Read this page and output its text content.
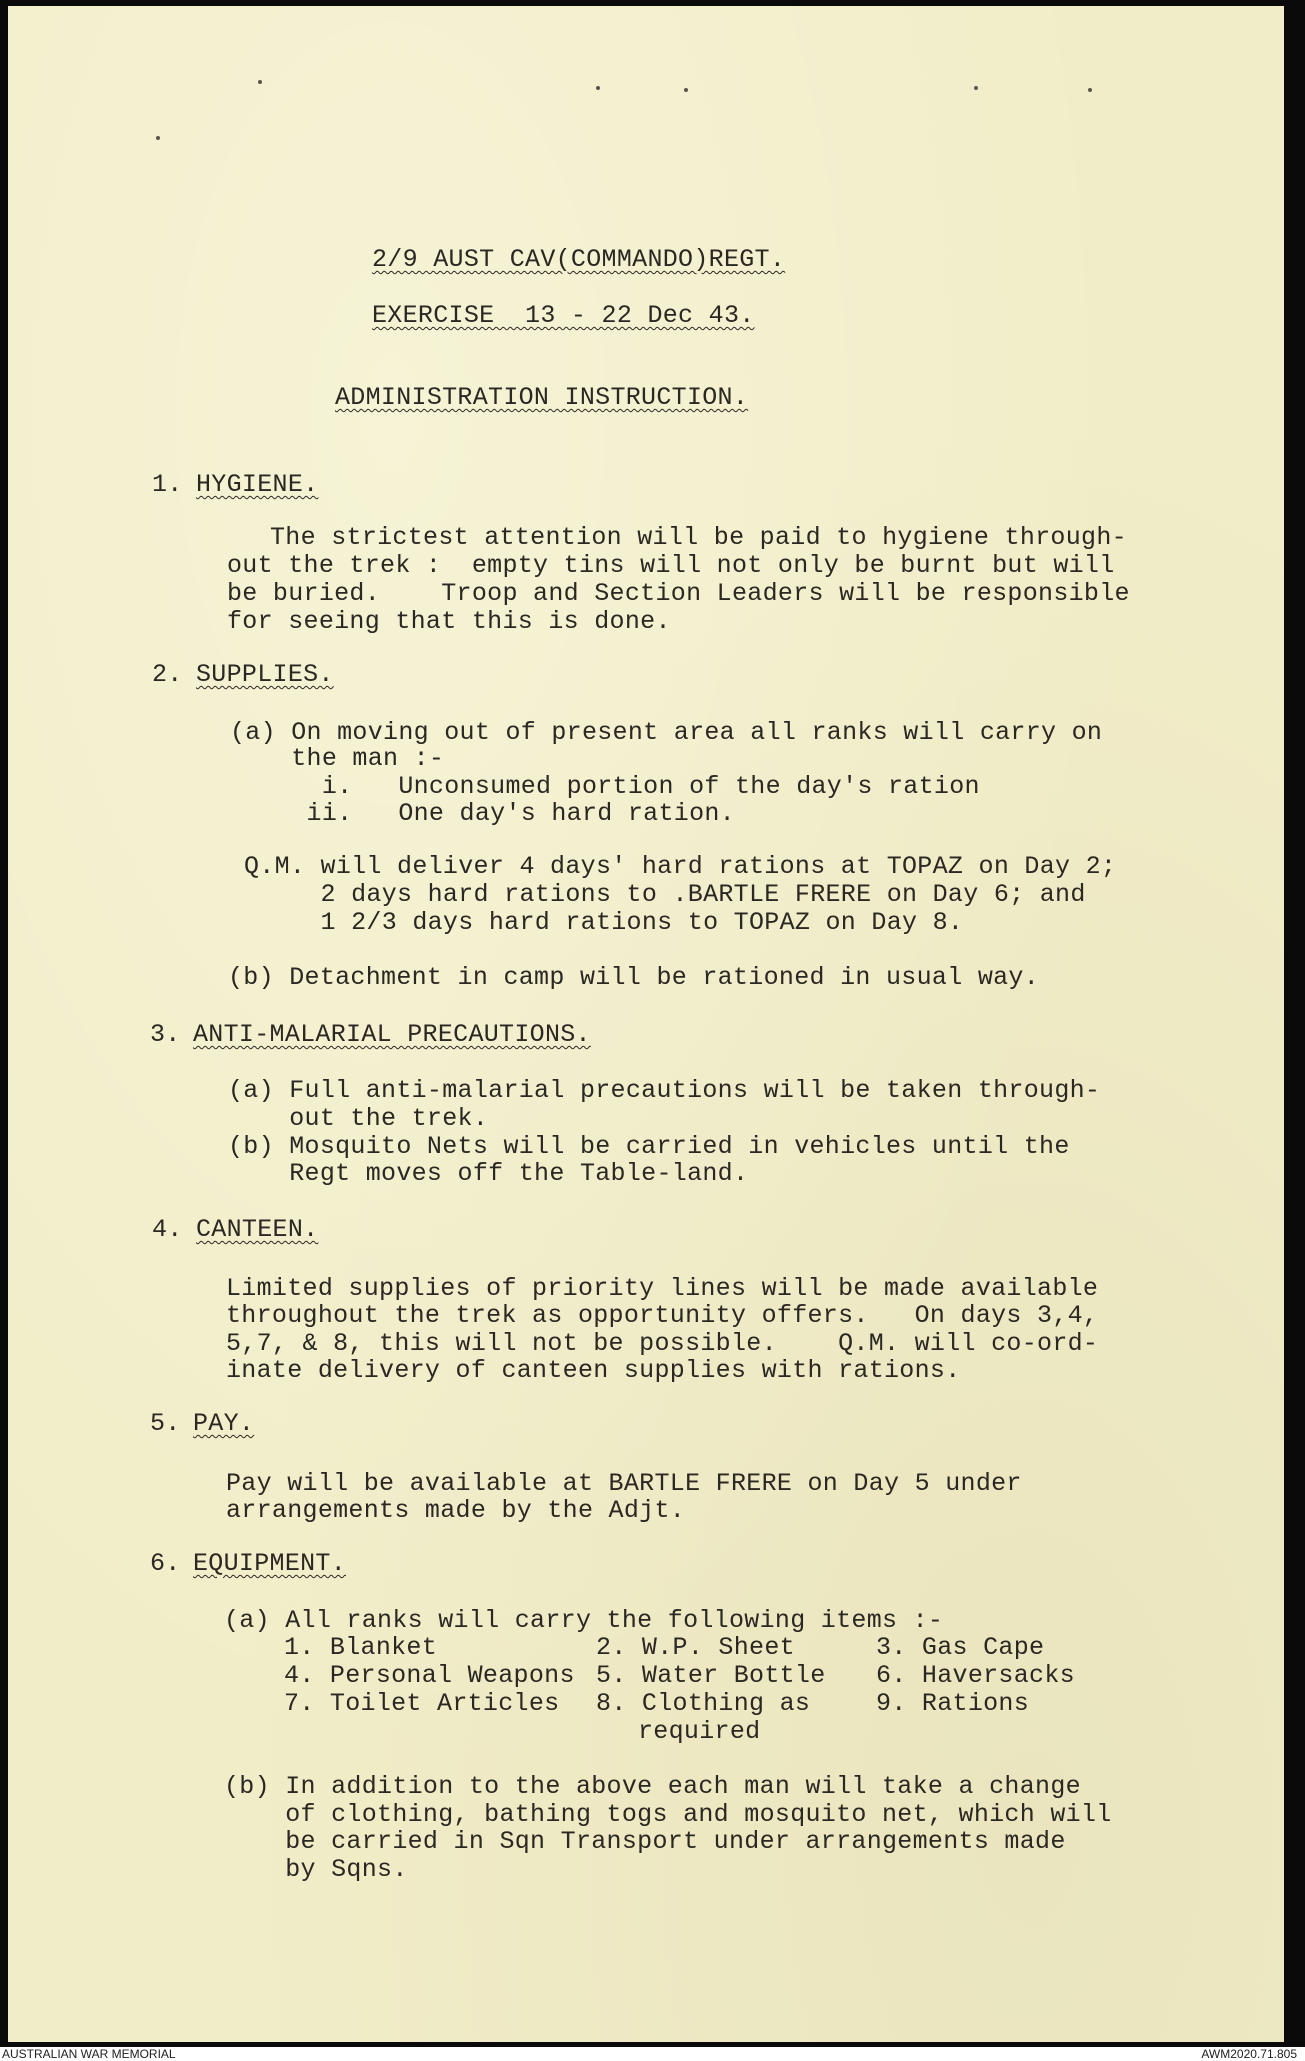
2/9 AUST CAV(COMMANDO)REGT.
EXERCISE  13 - 22 Dec 43.
ADMINISTRATION INSTRUCTION.
1. HYGIENE.
The strictest attention will be paid to hygiene through-
out the trek :  empty tins will not only be burnt but will
be buried.    Troop and Section Leaders will be responsible
for seeing that this is done.
2. SUPPLIES.
(a) On moving out of present area all ranks will carry on
the man :-
i.   Unconsumed portion of the day's ration
ii.   One day's hard ration.
Q.M. will deliver 4 days' hard rations at TOPAZ on Day 2;
2 days hard rations to .BARTLE FRERE on Day 6; and
1 2/3 days hard rations to TOPAZ on Day 8.
(b) Detachment in camp will be rationed in usual way.
3. ANTI-MALARIAL PRECAUTIONS.
(a) Full anti-malarial precautions will be taken through-
out the trek.
(b) Mosquito Nets will be carried in vehicles until the
Regt moves off the Table-land.
4. CANTEEN.
Limited supplies of priority lines will be made available
throughout the trek as opportunity offers.   On days 3,4,
5,7, & 8, this will not be possible.    Q.M. will co-ord-
inate delivery of canteen supplies with rations.
5. PAY.
Pay will be available at BARTLE FRERE on Day 5 under
arrangements made by the Adjt.
6. EQUIPMENT.
(a) All ranks will carry the following items :-
1. Blanket	2. W.P. Sheet	3. Gas Cape
4. Personal Weapons 5. Water Bottle 6. Haversacks
7. Toilet Articles 8. Clothing as	9. Rations
required
(b) In addition to the above each man will take a change
of clothing, bathing togs and mosquito net, which will
be carried in Sqn Transport under arrangements made
by Sqns.
AUSTRALIAN WAR MEMORIAL	AWM2020.71.805
